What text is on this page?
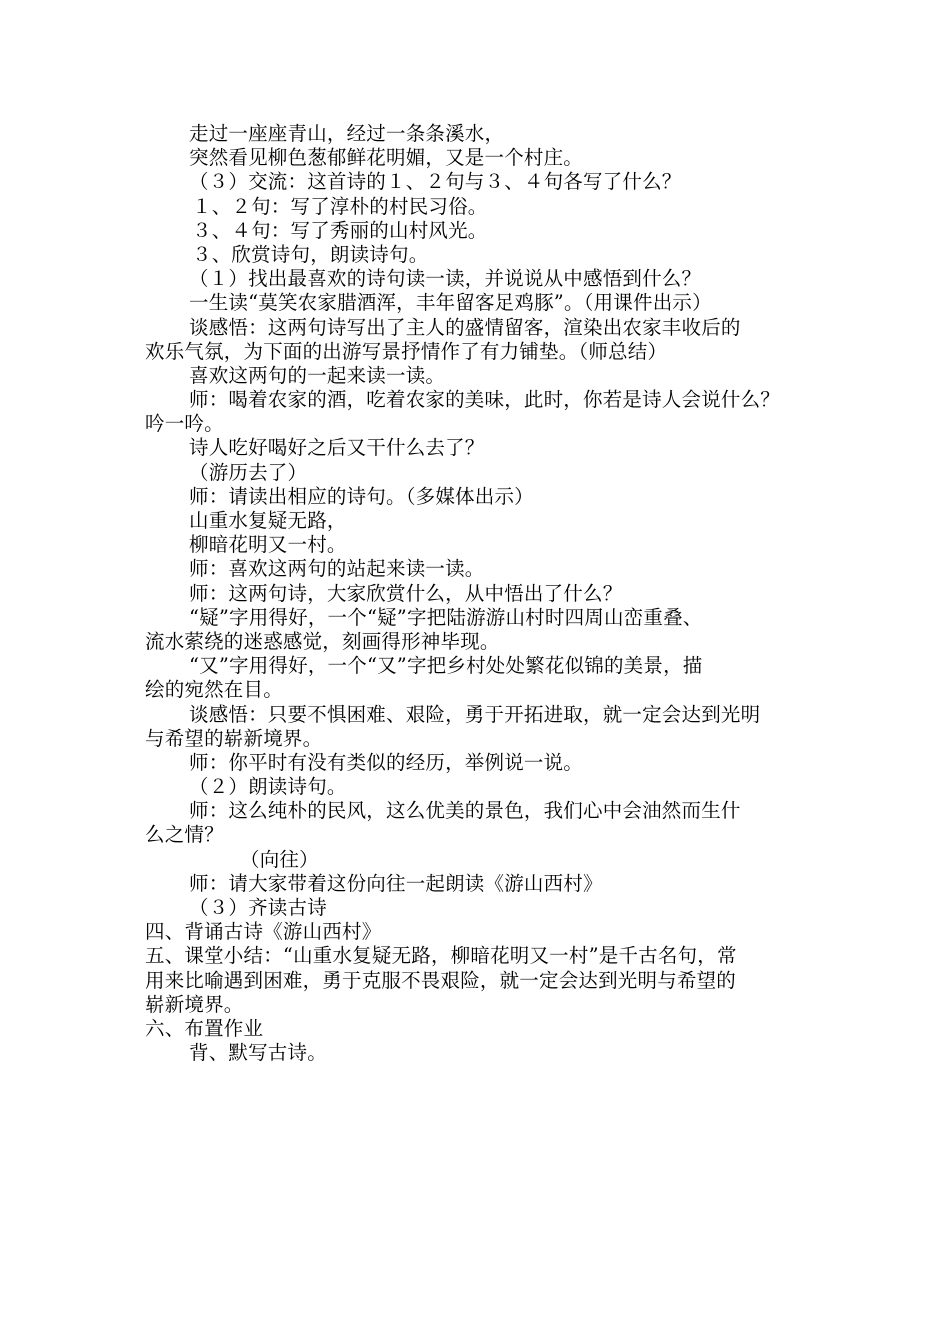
走过一座座青山，经过一条条溪水，
突然看见柳色葱郁鲜花明媚，又是一个村庄。
（３）交流：这首诗的１、２句与３、４句各写了什么？
１、２句：写了淳朴的村民习俗。
３、４句：写了秀丽的山村风光。
３、欣赏诗句，朗读诗句。
（１）找出最喜欢的诗句读一读，并说说从中感悟到什么？
一生读“莫笑农家腊酒浑，丰年留客足鸡豚”。（用课件出示）
谈感悟：这两句诗写出了主人的盛情留客，渲染出农家丰收后的
欢乐气氛，为下面的出游写景抒情作了有力铺垫。（师总结）
喜欢这两句的一起来读一读。
师：喝着农家的酒，吃着农家的美味，此时，你若是诗人会说什么？
吟一吟。
诗人吃好喝好之后又干什么去了？
（游历去了）
师：请读出相应的诗句。（多媒体出示）
山重水复疑无路，
柳暗花明又一村。
师：喜欢这两句的站起来读一读。
师：这两句诗，大家欣赏什么，从中悟出了什么？
“疑”字用得好，一个“疑”字把陆游游山村时四周山峦重叠、
流水萦绕的迷惑感觉，刻画得形神毕现。
“又”字用得好，一个“又”字把乡村处处繁花似锦的美景，描
绘的宛然在目。
谈感悟：只要不惧困难、艰险，勇于开拓进取，就一定会达到光明
与希望的崭新境界。
师：你平时有没有类似的经历，举例说一说。
（２）朗读诗句。
师：这么纯朴的民风，这么优美的景色，我们心中会油然而生什
么之情？
（向往）
师：请大家带着这份向往一起朗读《游山西村》
（３）齐读古诗
四、背诵古诗《游山西村》
五、课堂小结：“山重水复疑无路，柳暗花明又一村”是千古名句，常
用来比喻遇到困难，勇于克服不畏艰险，就一定会达到光明与希望的
崭新境界。
六、布置作业
背、默写古诗。
